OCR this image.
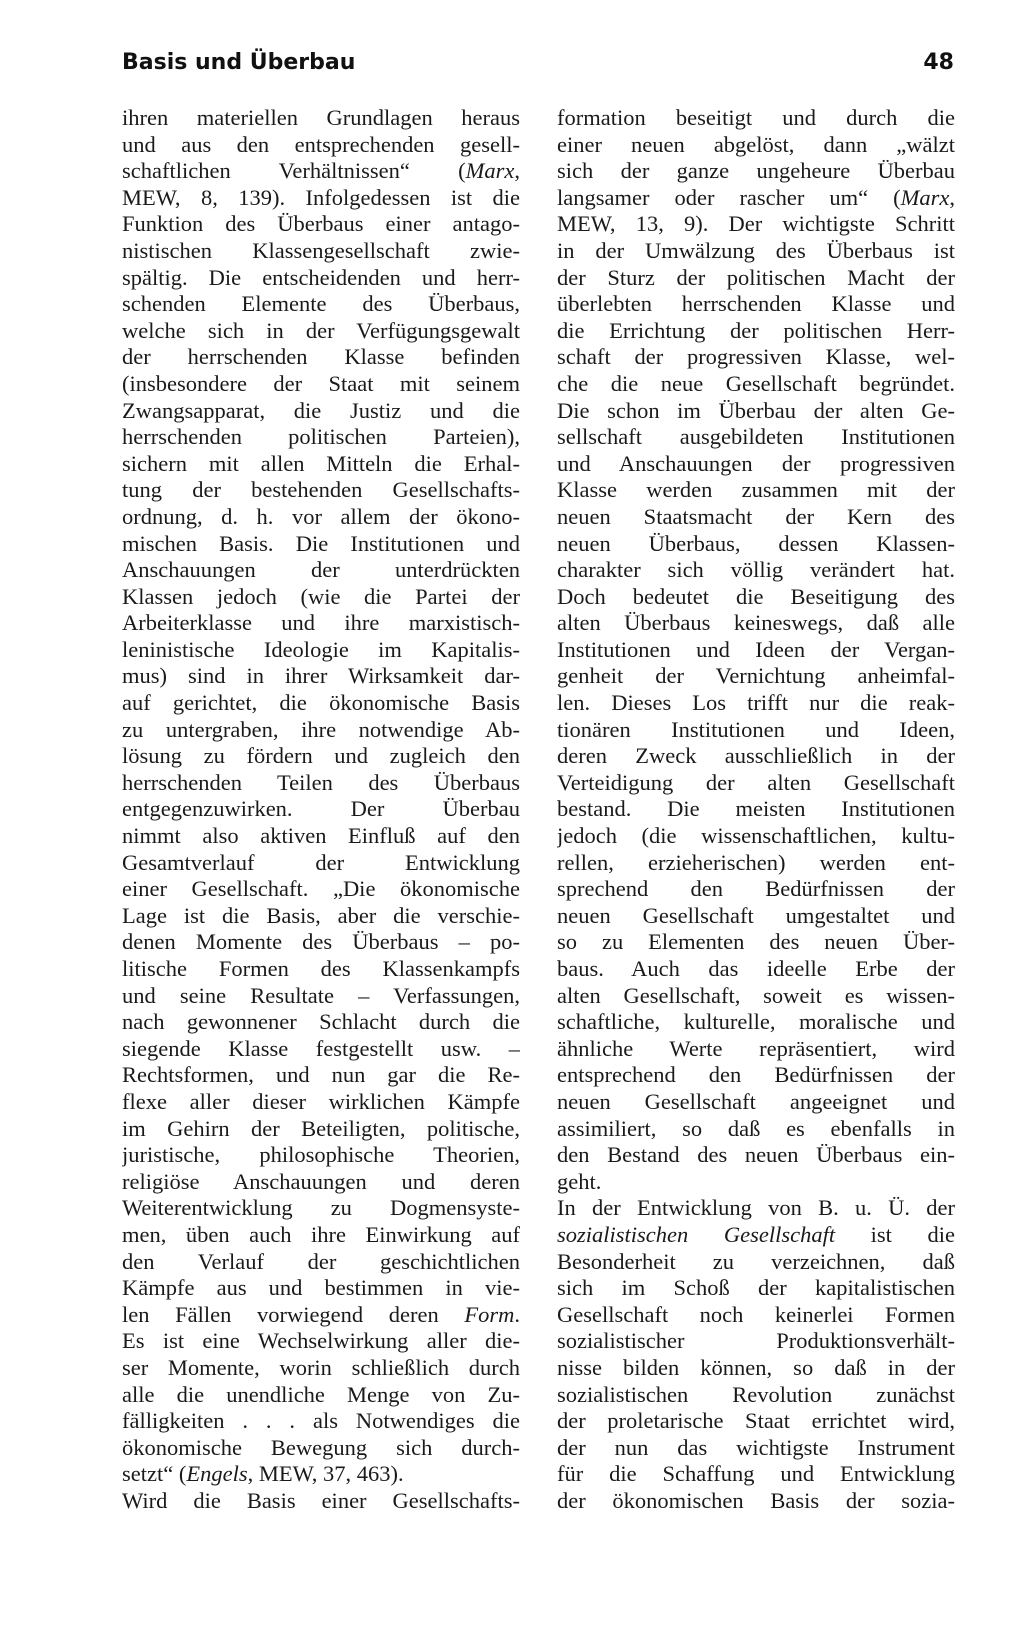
Basis und Überbau	48
ihren materiellen Grundlagen heraus
und aus den entsprechenden gesell-
schaftlichen Verhältnissen“ (Marx,
MEW, 8, 139). Infolgedessen ist die
Funktion des Überbaus einer antago-
nistischen Klassengesellschaft zwie-
spältig. Die entscheidenden und herr-
schenden Elemente des Überbaus,
welche sich in der Verfügungsgewalt
der herrschenden Klasse befinden
(insbesondere der Staat mit seinem
Zwangsapparat, die Justiz und die
herrschenden politischen Parteien),
sichern mit allen Mitteln die Erhal-
tung der bestehenden Gesellschafts-
ordnung, d. h. vor allem der ökono-
mischen Basis. Die Institutionen und
Anschauungen der unterdrückten
Klassen jedoch (wie die Partei der
Arbeiterklasse und ihre marxistisch-
leninistische Ideologie im Kapitalis-
mus) sind in ihrer Wirksamkeit dar-
auf gerichtet, die ökonomische Basis
zu untergraben, ihre notwendige Ab-
lösung zu fördern und zugleich den
herrschenden Teilen des Überbaus
entgegenzuwirken. Der Überbau
nimmt also aktiven Einfluß auf den
Gesamtverlauf der Entwicklung
einer Gesellschaft. „Die ökonomische
Lage ist die Basis, aber die verschie-
denen Momente des Überbaus – po-
litische Formen des Klassenkampfs
und seine Resultate – Verfassungen,
nach gewonnener Schlacht durch die
siegende Klasse festgestellt usw. –
Rechtsformen, und nun gar die Re-
flexe aller dieser wirklichen Kämpfe
im Gehirn der Beteiligten, politische,
juristische, philosophische Theorien,
religiöse Anschauungen und deren
Weiterentwicklung zu Dogmensyste-
men, üben auch ihre Einwirkung auf
den Verlauf der geschichtlichen
Kämpfe aus und bestimmen in vie-
len Fällen vorwiegend deren Form.
Es ist eine Wechselwirkung aller die-
ser Momente, worin schließlich durch
alle die unendliche Menge von Zu-
fälligkeiten . . . als Notwendiges die
ökonomische Bewegung sich durch-
setzt“ (Engels, MEW, 37, 463).
Wird die Basis einer Gesellschafts-
formation beseitigt und durch die
einer neuen abgelöst, dann „wälzt
sich der ganze ungeheure Überbau
langsamer oder rascher um“ (Marx,
MEW, 13, 9). Der wichtigste Schritt
in der Umwälzung des Überbaus ist
der Sturz der politischen Macht der
überlebten herrschenden Klasse und
die Errichtung der politischen Herr-
schaft der progressiven Klasse, wel-
che die neue Gesellschaft begründet.
Die schon im Überbau der alten Ge-
sellschaft ausgebildeten Institutionen
und Anschauungen der progressiven
Klasse werden zusammen mit der
neuen Staatsmacht der Kern des
neuen Überbaus, dessen Klassen-
charakter sich völlig verändert hat.
Doch bedeutet die Beseitigung des
alten Überbaus keineswegs, daß alle
Institutionen und Ideen der Vergan-
genheit der Vernichtung anheimfal-
len. Dieses Los trifft nur die reak-
tionären Institutionen und Ideen,
deren Zweck ausschließlich in der
Verteidigung der alten Gesellschaft
bestand. Die meisten Institutionen
jedoch (die wissenschaftlichen, kultu-
rellen, erzieherischen) werden ent-
sprechend den Bedürfnissen der
neuen Gesellschaft umgestaltet und
so zu Elementen des neuen Über-
baus. Auch das ideelle Erbe der
alten Gesellschaft, soweit es wissen-
schaftliche, kulturelle, moralische und
ähnliche Werte repräsentiert, wird
entsprechend den Bedürfnissen der
neuen Gesellschaft angeeignet und
assimiliert, so daß es ebenfalls in
den Bestand des neuen Überbaus ein-
geht.
In der Entwicklung von B. u. Ü. der
sozialistischen Gesellschaft ist die
Besonderheit zu verzeichnen, daß
sich im Schoß der kapitalistischen
Gesellschaft noch keinerlei Formen
sozialistischer Produktionsverhält-
nisse bilden können, so daß in der
sozialistischen Revolution zunächst
der proletarische Staat errichtet wird,
der nun das wichtigste Instrument
für die Schaffung und Entwicklung
der ökonomischen Basis der sozia-
